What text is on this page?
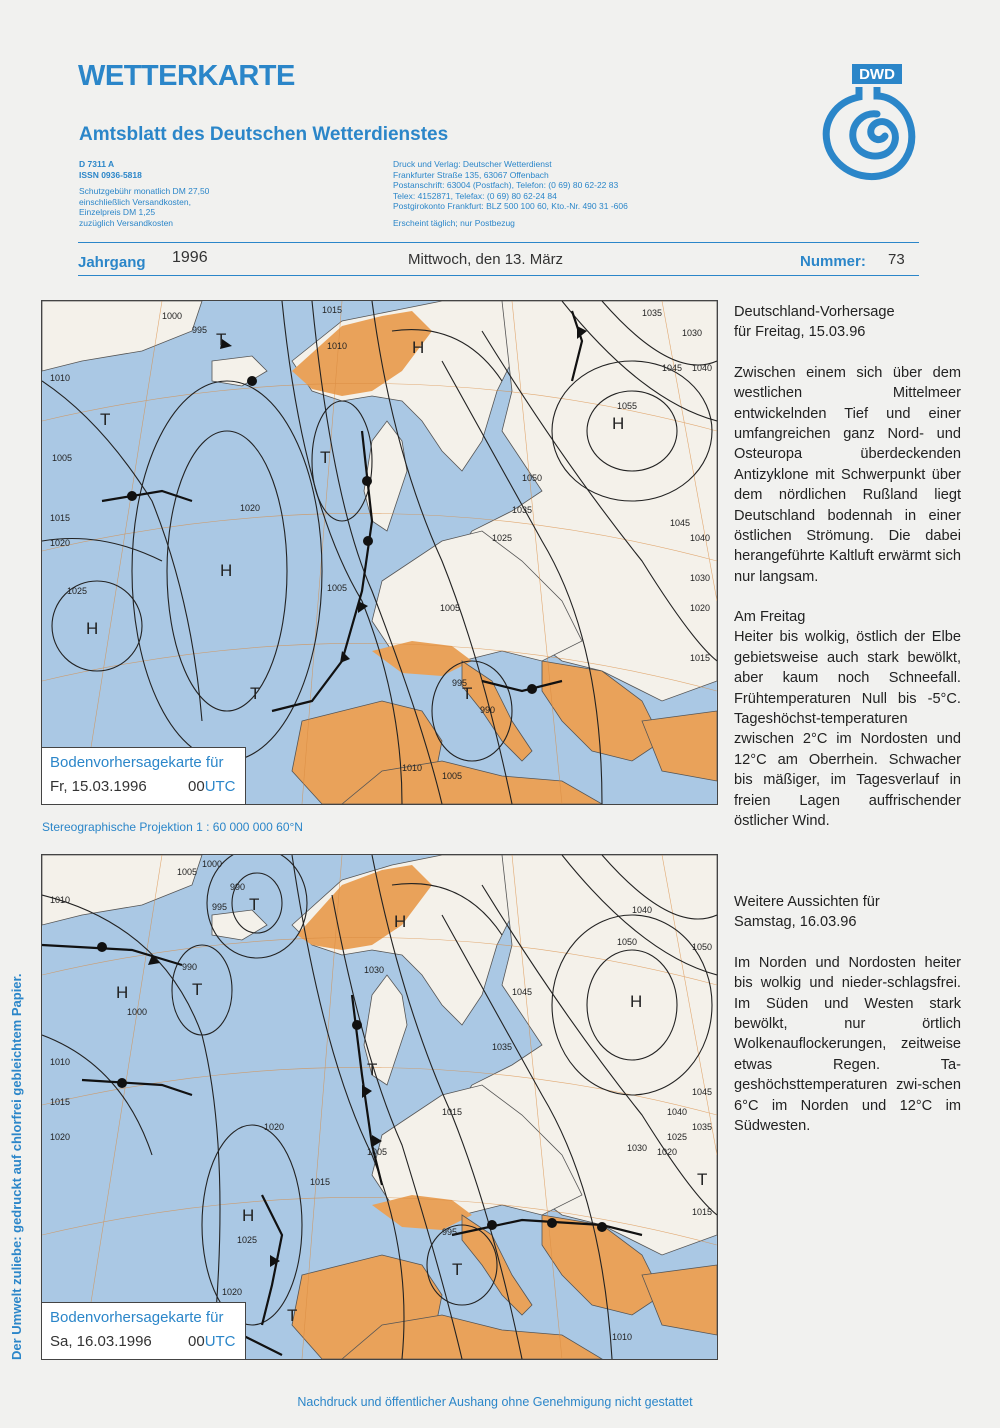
WETTERKARTE
Amtsblatt des Deutschen Wetterdienstes
D 7311 A
ISSN 0936-5818
Schutzgebühr monatlich DM 27,50
einschließlich Versandkosten,
Einzelpreis DM 1,25
zuzüglich Versandkosten
Druck und Verlag: Deutscher Wetterdienst
Frankfurter Straße 135, 63067 Offenbach
Postanschrift: 63004 (Postfach), Telefon: (0 69) 80 62-22 83
Telex: 4152871, Telefax: (0 69) 80 62-24 84
Postgirokonto Frankfurt: BLZ 500 100 60, Kto.-Nr. 490 31 -606
Erscheint täglich; nur Postbezug
DWD
Jahrgang 1996	Mittwoch, den 13. März	Nummer: 73
H
H
H
H
T
T
T
T	T
1000
995
1015
1010
1035
1030
1040
1045
1055
1020
1025	1005
1005
990
995
1020
1015
1010
1005
1030
1025
1035
1040
1045
1050
1015
1020
1010
1005
Bodenvorhersagekarte für
Fr, 15.03.1996	00UTC
Stereographische Projektion 1 : 60 000 000 60°N
H
H
H
H
T
T
T
T
T
T
1010
1005
1000
990
995
990
1000
1010
1015
1020
1020
1030
1040
1050
1045
1035
1015
1005
1015
1020
1025
1030
1035
1040
1045
1050
1015
1025
1010
1020
995
Bodenvorhersagekarte für
Sa, 16.03.1996 00UTC
Deutschland-Vorhersage
für Freitag, 15.03.96
Zwischen einem sich über dem westlichen Mittelmeer entwickelnden Tief und einer umfangreichen ganz Nord- und Osteuropa überdeckenden Antizyklone mit Schwerpunkt über dem nördlichen Rußland liegt Deutschland bodennah in einer östlichen Strömung. Die dabei herangeführte Kaltluft erwärmt sich nur langsam.
Am Freitag
Heiter bis wolkig, östlich der Elbe gebietsweise auch stark bewölkt, aber kaum noch Schneefall. Frühtemperaturen Null bis -5°C. Tageshöchst-temperaturen zwischen 2°C im Nordosten und 12°C am Oberrhein. Schwacher bis mäßiger, im Tagesverlauf in freien Lagen auffrischender östlicher Wind.
Weitere Aussichten für
Samstag, 16.03.96
Im Norden und Nordosten heiter bis wolkig und nieder-schlagsfrei. Im Süden und Westen stark bewölkt, nur örtlich Wolkenauflockerungen, zeitweise etwas Regen. Ta-geshöchsttemperaturen zwi-schen 6°C im Norden und 12°C im Südwesten.
Der Umwelt zuliebe: gedruckt auf chlorfrei gebleichtem Papier.
Nachdruck und öffentlicher Aushang ohne Genehmigung nicht gestattet
